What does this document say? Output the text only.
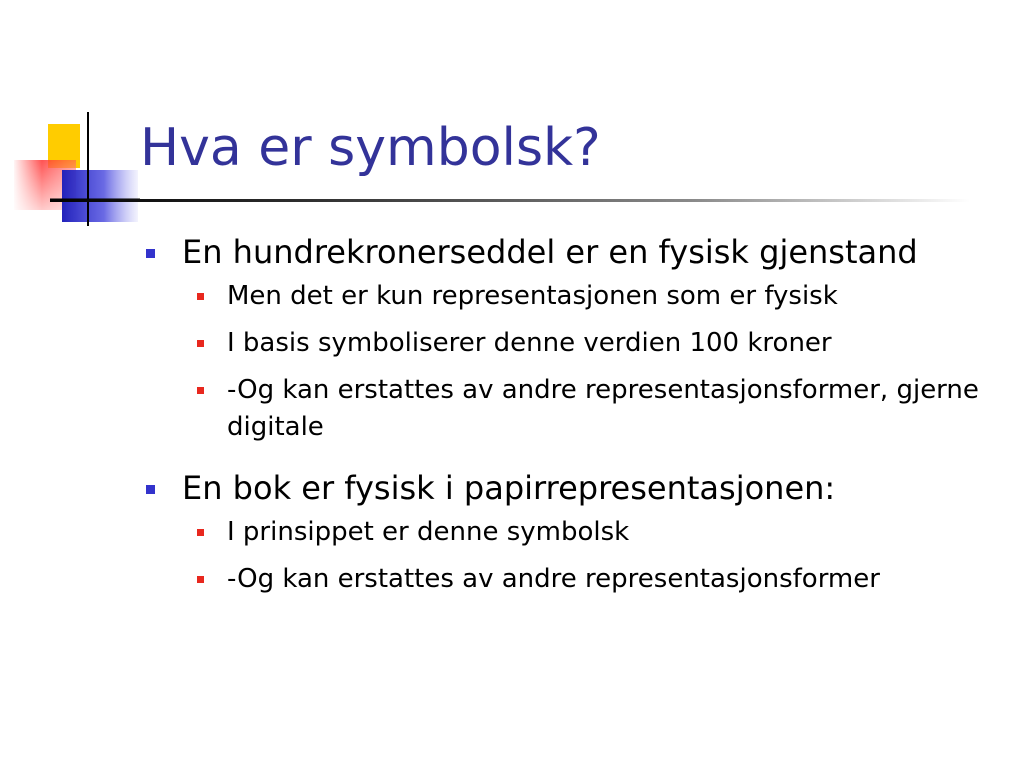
Hva er symbolsk?
En hundrekronerseddel er en fysisk gjenstand
Men det er kun representasjonen som er fysisk
I basis symboliserer denne verdien 100 kroner
-Og kan erstattes av andre representasjonsformer, gjerne digitale
En bok er fysisk i papirrepresentasjonen:
I prinsippet er denne symbolsk
-Og kan erstattes av andre representasjonsformer
